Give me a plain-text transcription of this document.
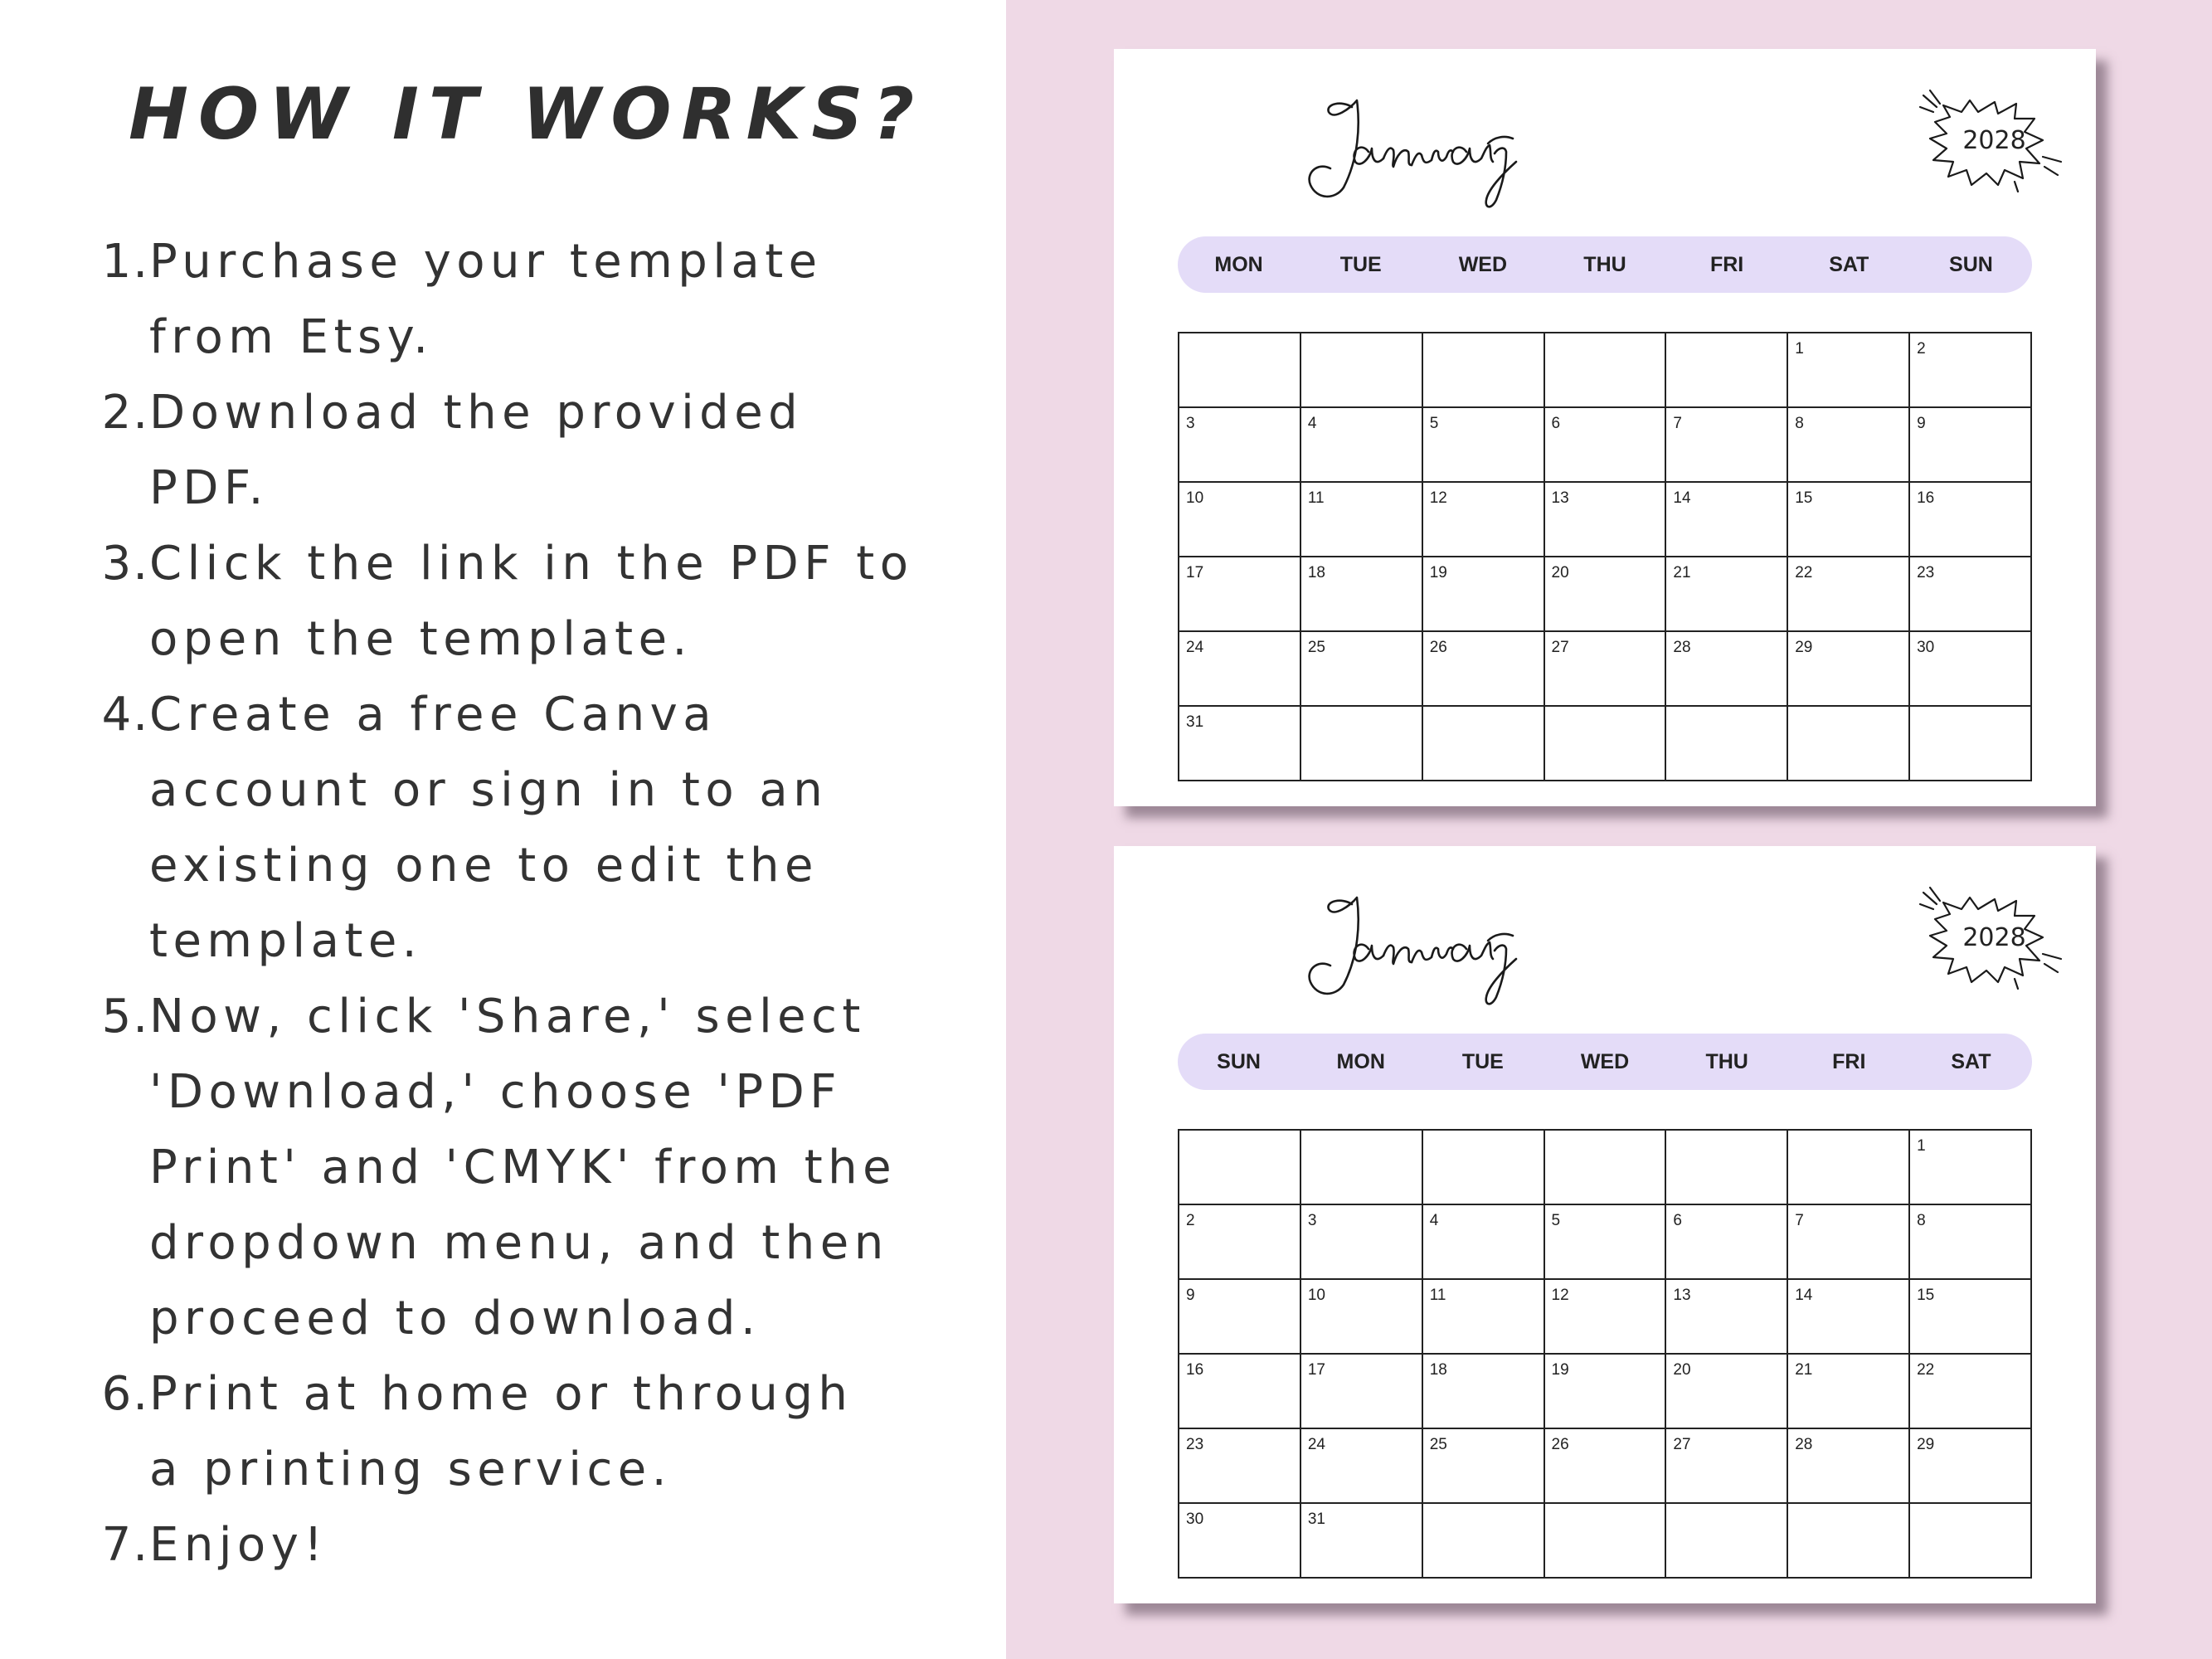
HOW IT WORKS?
1. Purchase your template
from Etsy.
2. Download the provided
PDF.
3. Click the link in the PDF to
open the template.
4. Create a free Canva
account or sign in to an
existing one to edit the
template.
5. Now, click 'Share,' select
'Download,' choose 'PDF
Print' and 'CMYK' from the
dropdown menu, and then
proceed to download.
6. Print at home or through
a printing service.
7. Enjoy!
2028
MON	TUE	WED	THU	FRI	SAT	SUN
					1	2
3	4	5	6	7	8	9
10	11	12	13	14	15	16
17	18	19	20	21	22	23
24	25	26	27	28	29	30
31						
2028
SUN	MON	TUE	WED	THU	FRI	SAT
						1
2	3	4	5	6	7	8
9	10	11	12	13	14	15
16	17	18	19	20	21	22
23	24	25	26	27	28	29
30	31					
